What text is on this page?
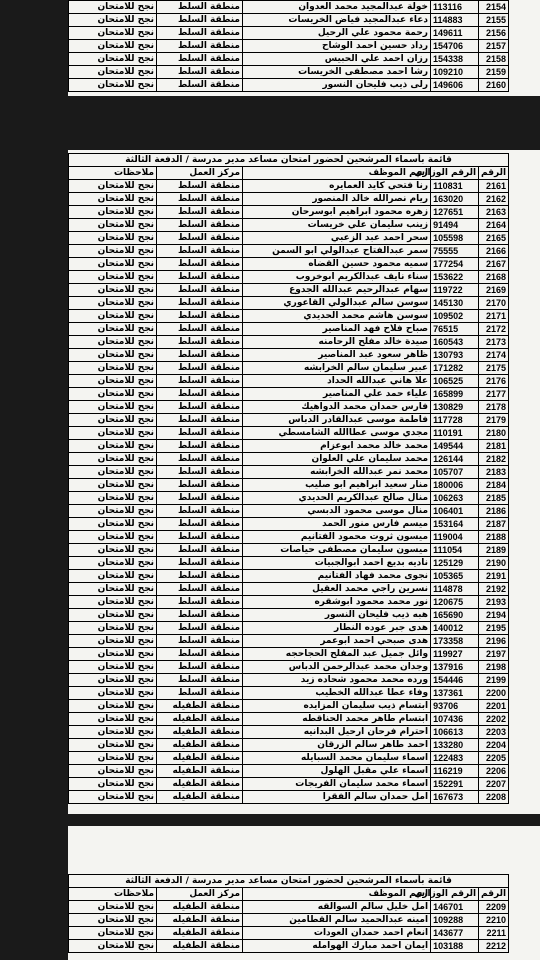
2154	113116	خولة عبدالمجيد محمد العدوان	منطقة السلط	نجح للامتحان
2155	114883	دعاء عبدالمجيد فياض الخريسات	منطقة السلط	نجح للامتحان
2156	149611	رحمة محمود علي الرحيل	منطقة السلط	نجح للامتحان
2157	154706	رداد حسين احمد الوشاح	منطقة السلط	نجح للامتحان
2158	154338	رزان احمد علي الحبيس	منطقة السلط	نجح للامتحان
2159	109210	رشا احمد مصطفى الخريسات	منطقة السلط	نجح للامتحان
2160	149606	رلى ذيب فليحان النسور	منطقة السلط	نجح للامتحان
قائمة بأسماء المرشحين لحضور امتحان مساعد مدير مدرسة / الدفعة الثالثة				
الرقم	الرقم الوزاري	اسم الموظف	مركز العمل	ملاحظات
2161	110831	رنا فتحي كايد العمايره	منطقة السلط	نجح للامتحان
2162	163020	ريام نصرالله خالد المنصور	منطقة السلط	نجح للامتحان
2163	127651	زهره محمود ابراهيم ابوسرحان	منطقة السلط	نجح للامتحان
2164	91494	زينب سليمان علي خريسات	منطقة السلط	نجح للامتحان
2165	105598	سحر احمد عبد الزعبي	منطقة السلط	نجح للامتحان
2166	75555	سمر عبدالفتاح عبدالولي ابو السمن	منطقة السلط	نجح للامتحان
2167	177254	سميه محمود حسين القضاه	منطقة السلط	نجح للامتحان
2168	153622	سناء نايف عبدالكريم ابوخروب	منطقة السلط	نجح للامتحان
2169	119722	سهام عبدالرحيم عبدالله الجدوع	منطقة السلط	نجح للامتحان
2170	145130	سوسن سالم عبدالولي القاعوري	منطقة السلط	نجح للامتحان
2171	109502	سوسن هاشم محمد الحديدي	منطقة السلط	نجح للامتحان
2172	76515	صباح فلاح فهد المناصير	منطقة السلط	نجح للامتحان
2173	160543	صيدة خالد مفلح الرحامنه	منطقة السلط	نجح للامتحان
2174	130793	ظاهر سعود عبد المناصير	منطقة السلط	نجح للامتحان
2175	171282	عبير سليمان سالم الخرابشه	منطقة السلط	نجح للامتحان
2176	106525	علا هاني عبدالله الحداد	منطقة السلط	نجح للامتحان
2177	165899	علياء حمد علي المناصير	منطقة السلط	نجح للامتحان
2178	130829	فارس حمدان محمد الدواهيك	منطقة السلط	نجح للامتحان
2179	117728	فاطمة موسى عبدالقادر الدباس	منطقة السلط	نجح للامتحان
2180	110191	مجدي موسى عطاالله الشامسطي	منطقة السلط	نجح للامتحان
2181	149544	محمد خالد محمد ابوعزام	منطقة السلط	نجح للامتحان
2182	126144	محمد سليمان علي العلوان	منطقة السلط	نجح للامتحان
2183	105707	محمد نمر عبدالله الخرابشه	منطقة السلط	نجح للامتحان
2184	180006	منار سعيد ابراهيم ابو صليب	منطقة السلط	نجح للامتحان
2185	106263	منال صالح عبدالكريم الحديدي	منطقة السلط	نجح للامتحان
2186	106401	منال موسى محمود الدبسي	منطقة السلط	نجح للامتحان
2187	153164	ميسم فارس منور الحمد	منطقة السلط	نجح للامتحان
2188	119004	ميسون ثروت محمود الفتانيم	منطقة السلط	نجح للامتحان
2189	111054	ميسون سليمان مصطفى حياصات	منطقة السلط	نجح للامتحان
2190	125129	ناديه بديع احمد ابوالجبيات	منطقة السلط	نجح للامتحان
2191	105365	نجوى محمد فهاد الفتانيم	منطقة السلط	نجح للامتحان
2192	114878	نسرين راجي محمد العقيل	منطقة السلط	نجح للامتحان
2193	120675	نور محمد محمود ابوشقره	منطقة السلط	نجح للامتحان
2194	165690	هبه ذيب فليحان النسور	منطقة السلط	نجح للامتحان
2195	140012	هدى جبر عوده النطار	منطقة السلط	نجح للامتحان
2196	173358	هدى صبحي احمد ابوعمر	منطقة السلط	نجح للامتحان
2197	119927	وائل جميل عبد المفلح الحجاحجه	منطقة السلط	نجح للامتحان
2198	137916	وجدان محمد عبدالرحمن الدباس	منطقة السلط	نجح للامتحان
2199	154446	ورده محمد محمود شحاده زيد	منطقة السلط	نجح للامتحان
2200	137361	وفاء عطا عبدالله الخطيب	منطقة السلط	نجح للامتحان
2201	93706	ابتسام ذيب سليمان المزايده	منطقة الطفيله	نجح للامتحان
2202	107436	ابتسام طاهر محمد الحناقطه	منطقة الطفيله	نجح للامتحان
2203	106613	احترام فرحان ارحيل البدانيه	منطقة الطفيله	نجح للامتحان
2204	133280	احمد طاهر سالم الزرقان	منطقة الطفيله	نجح للامتحان
2205	122483	اسماء سليمان محمد السبايله	منطقة الطفيله	نجح للامتحان
2206	116219	اسماء علي مقبل الهلول	منطقة الطفيله	نجح للامتحان
2207	152291	اسماء محمد سليمان الفريجات	منطقة الطفيله	نجح للامتحان
2208	167673	امل حمدان سالم الفقرا	منطقة الطفيله	نجح للامتحان
قائمة بأسماء المرشحين لحضور امتحان مساعد مدير مدرسة / الدفعة الثالثة				
الرقم	الرقم الوزاري	اسم الموظف	مركز العمل	ملاحظات
2209	146701	امل خليل سالم السوالقه	منطقة الطفيله	نجح للامتحان
2210	109288	امينه عبدالحميد سالم القطامين	منطقة الطفيله	نجح للامتحان
2211	143677	انعام احمد حمدان العودات	منطقة الطفيله	نجح للامتحان
2212	103188	ايمان احمد مبارك الهوامله	منطقة الطفيله	نجح للامتحان
